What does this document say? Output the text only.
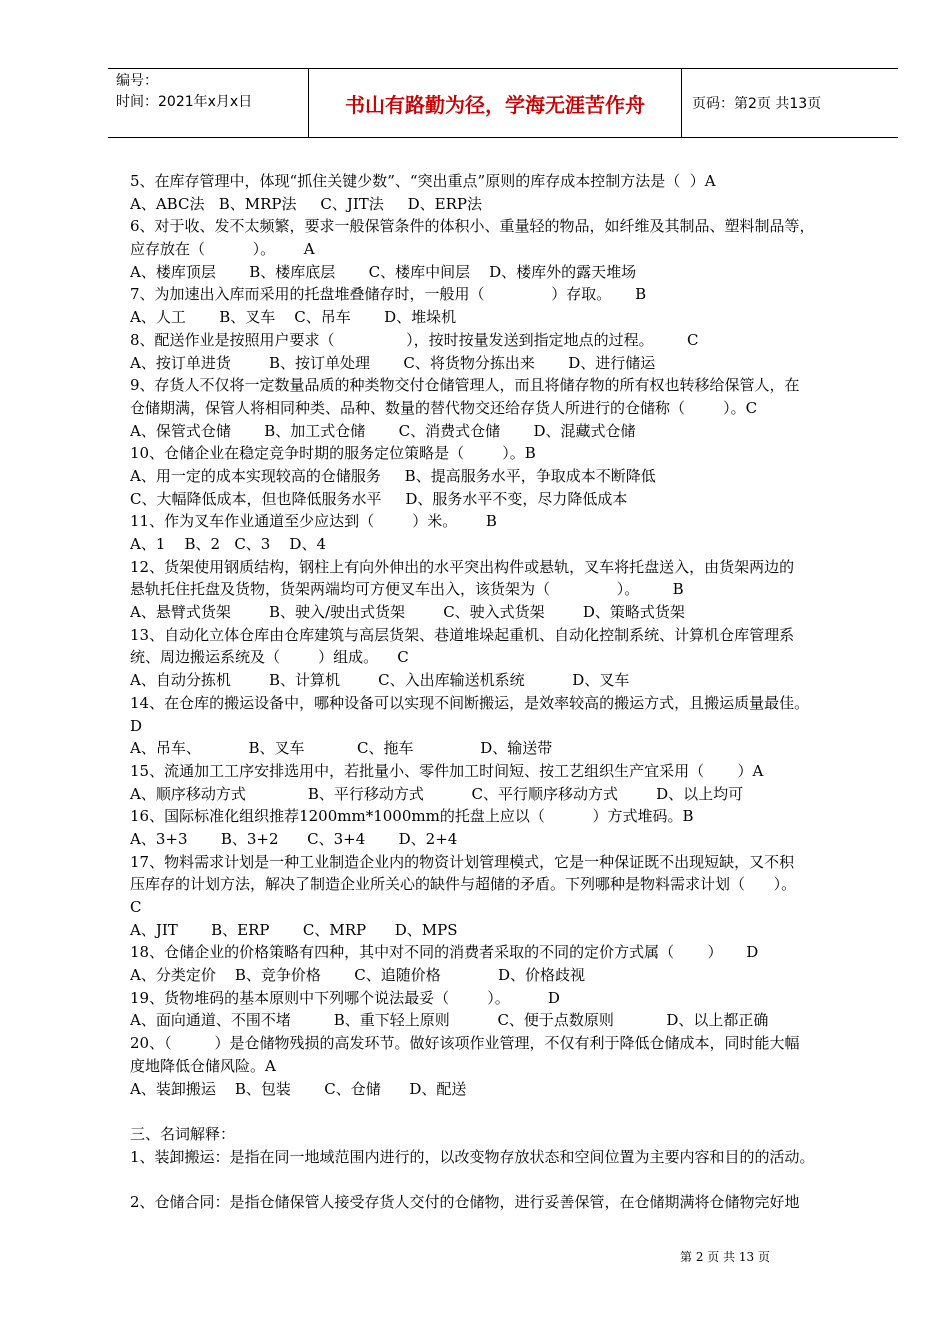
编号：
时间：2021年x月x日	书山有路勤为径，学海无涯苦作舟	页码：第2页 共13页
5、在库存管理中，体现“抓住关键少数”、“突出重点”原则的库存成本控制方法是（  ）A
A、ABC法   B、MRP法     C、JIT法     D、ERP法
6、对于收、发不太频繁，要求一般保管条件的体积小、重量轻的物品，如纤维及其制品、塑料制品等，
应存放在（          ）。      A
A、楼库顶层       B、楼库底层       C、楼库中间层    D、楼库外的露天堆场
7、为加速出入库而采用的托盘堆叠储存时，一般用（              ）存取。     B
A、人工       B、叉车    C、吊车       D、堆垛机
8、配送作业是按照用户要求（               ），按时按量发送到指定地点的过程。       C
A、按订单进货        B、按订单处理       C、将货物分拣出来       D、进行储运
9、存货人不仅将一定数量品质的种类物交付仓储管理人，而且将储存物的所有权也转移给保管人，在
仓储期满，保管人将相同种类、品种、数量的替代物交还给存货人所进行的仓储称（        ）。C
A、保管式仓储       B、加工式仓储       C、消费式仓储       D、混藏式仓储
10、仓储企业在稳定竞争时期的服务定位策略是（        ）。B
A、用一定的成本实现较高的仓储服务     B、提高服务水平，争取成本不断降低
C、大幅降低成本，但也降低服务水平     D、服务水平不变，尽力降低成本
11、作为叉车作业通道至少应达到（        ）米。      B
A、1    B、2   C、3    D、4
12、货架使用钢质结构，钢柱上有向外伸出的水平突出构件或悬轨，叉车将托盘送入，由货架两边的
悬轨托住托盘及货物，货架两端均可方便叉车出入，该货架为（              ）。       B
A、悬臂式货架        B、驶入/驶出式货架        C、驶入式货架        D、策略式货架
13、自动化立体仓库由仓库建筑与高层货架、巷道堆垛起重机、自动化控制系统、计算机仓库管理系
统、周边搬运系统及（        ）组成。    C
A、自动分拣机        B、计算机        C、入出库输送机系统          D、叉车
14、在仓库的搬运设备中，哪种设备可以实现不间断搬运，是效率较高的搬运方式，且搬运质量最佳。
D
A、吊车、          B、叉车           C、拖车              D、输送带
15、流通加工工序安排选用中，若批量小、零件加工时间短、按工艺组织生产宜采用（       ）A
A、顺序移动方式             B、平行移动方式          C、平行顺序移动方式        D、以上均可
16、国际标准化组织推荐1200mm*1000mm的托盘上应以（          ）方式堆码。B
A、3+3       B、3+2      C、3+4       D、2+4
17、物料需求计划是一种工业制造企业内的物资计划管理模式，它是一种保证既不出现短缺，又不积
压库存的计划方法，解决了制造企业所关心的缺件与超储的矛盾。下列哪种是物料需求计划（      ）。
C
A、JIT       B、ERP       C、MRP      D、MPS
18、仓储企业的价格策略有四种，其中对不同的消费者采取的不同的定价方式属（       ）     D
A、分类定价    B、竞争价格       C、追随价格            D、价格歧视
19、货物堆码的基本原则中下列哪个说法最妥（        ）。        D
A、面向通道、不围不堵         B、重下轻上原则          C、便于点数原则           D、以上都正确
20、（         ）是仓储物残损的高发环节。做好该项作业管理，不仅有利于降低仓储成本，同时能大幅
度地降低仓储风险。A
A、装卸搬运    B、包装       C、仓储      D、配送
三、名词解释：
1、装卸搬运：是指在同一地域范围内进行的，以改变物存放状态和空间位置为主要内容和目的的活动。
2、仓储合同：是指仓储保管人接受存货人交付的仓储物，进行妥善保管，在仓储期满将仓储物完好地
第 2 页 共 13 页
